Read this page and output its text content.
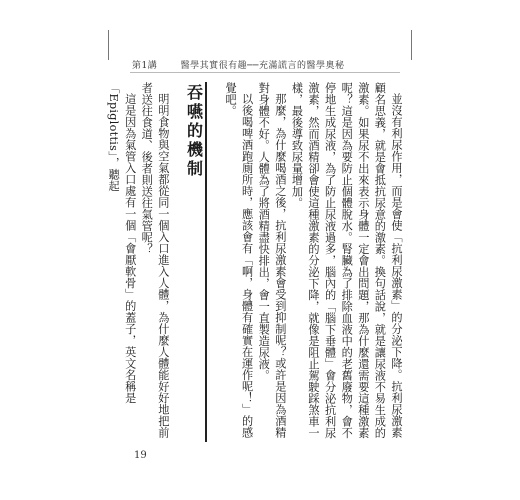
第1講	醫學其實很有趣──充滿謊言的醫學奧秘

並沒有利尿作用，而是會使「抗利尿激素」的分泌下降。抗利尿激素顧名思義，就是會抵抗尿意的激素。換句話說，就是讓尿液不易生成的激素。如果尿不出來表示身體一定會出問題，那為什麼還需要這種激素呢？這是因為要防止個體脫水。腎臟為了排除血液中的老舊廢物，會不停地生成尿液，為了防止尿液過多，腦內的「腦下垂體」會分泌抗利尿激素，然而酒精卻會使這種激素的分泌下降，就像是阻止駕駛踩煞車一樣，最後導致尿量增加。

那麼，為什麼喝酒之後，抗利尿激素會受到抑制呢？或許是因為酒精對身體不好。人體為了將酒精盡快排出，會一直製造尿液。

以後喝啤酒跑廁所時，應該會有「啊，身體有確實在運作呢！」的感覺吧。

吞嚥的機制

明明食物與空氣都從同一個入口進入人體，為什麼人體能好好地把前者送往食道、後者則送往氣管呢？

這是因為氣管入口處有一個「會厭軟骨」的蓋子，英文名稱是「Epiglottis」，聽起

19
